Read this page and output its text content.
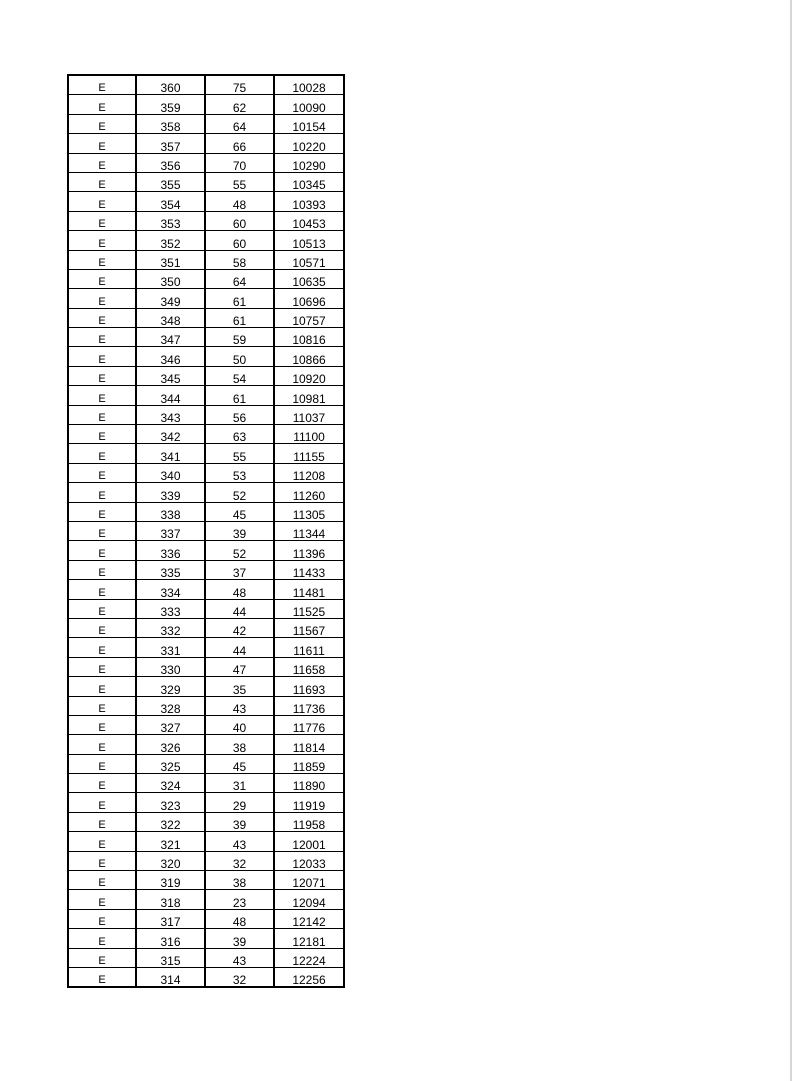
E	360	75	10028
E	359	62	10090
E	358	64	10154
E	357	66	10220
E	356	70	10290
E	355	55	10345
E	354	48	10393
E	353	60	10453
E	352	60	10513
E	351	58	10571
E	350	64	10635
E	349	61	10696
E	348	61	10757
E	347	59	10816
E	346	50	10866
E	345	54	10920
E	344	61	10981
E	343	56	11037
E	342	63	11100
E	341	55	11155
E	340	53	11208
E	339	52	11260
E	338	45	11305
E	337	39	11344
E	336	52	11396
E	335	37	11433
E	334	48	11481
E	333	44	11525
E	332	42	11567
E	331	44	11611
E	330	47	11658
E	329	35	11693
E	328	43	11736
E	327	40	11776
E	326	38	11814
E	325	45	11859
E	324	31	11890
E	323	29	11919
E	322	39	11958
E	321	43	12001
E	320	32	12033
E	319	38	12071
E	318	23	12094
E	317	48	12142
E	316	39	12181
E	315	43	12224
E	314	32	12256
